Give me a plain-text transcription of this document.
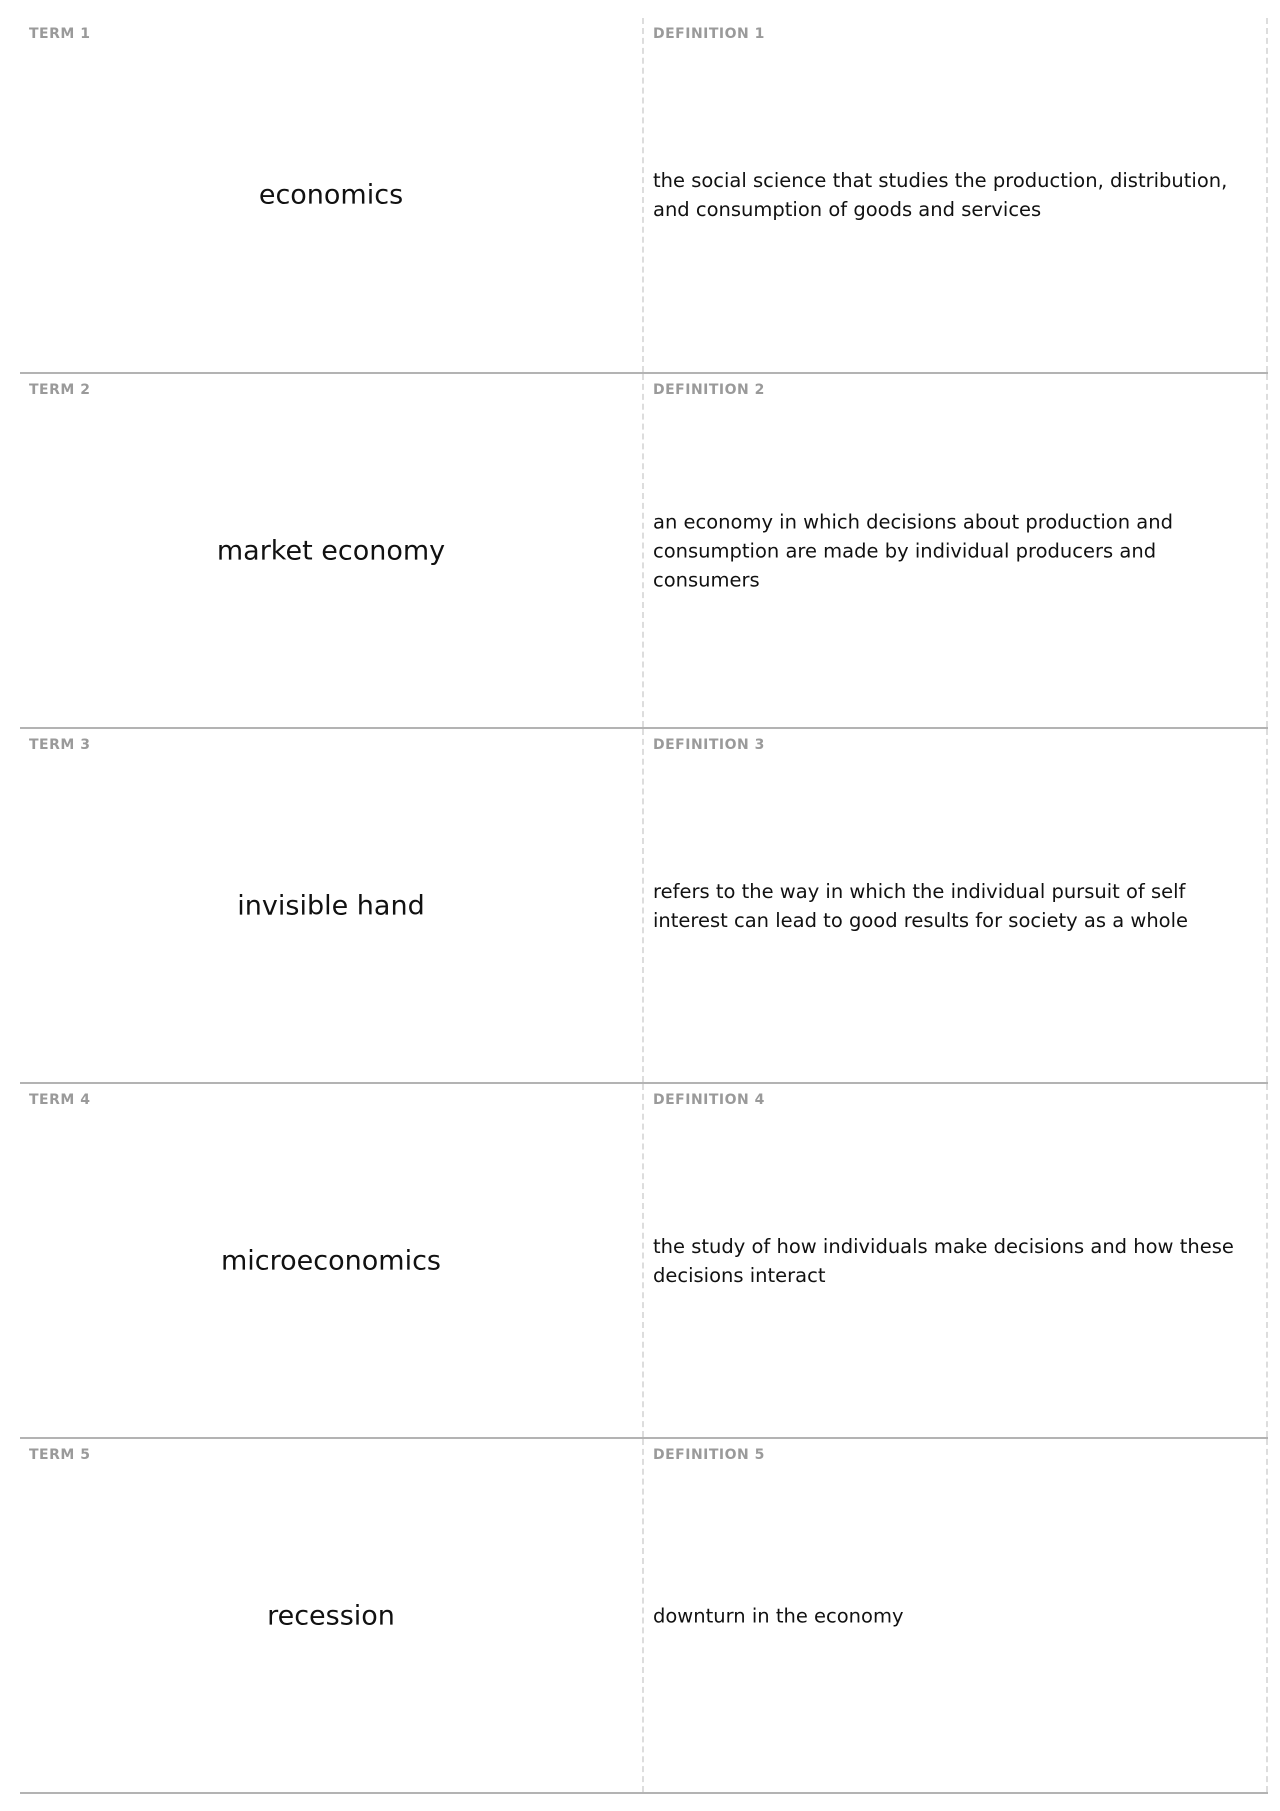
TERM 1
economics
DEFINITION 1
the social science that studies the production, distribution, and consumption of goods and services
TERM 2
market economy
DEFINITION 2
an economy in which decisions about production and consumption are made by individual producers and consumers
TERM 3
invisible hand
DEFINITION 3
refers to the way in which the individual pursuit of self interest can lead to good results for society as a whole
TERM 4
microeconomics
DEFINITION 4
the study of how individuals make decisions and how these decisions interact
TERM 5
recession
DEFINITION 5
downturn in the economy
